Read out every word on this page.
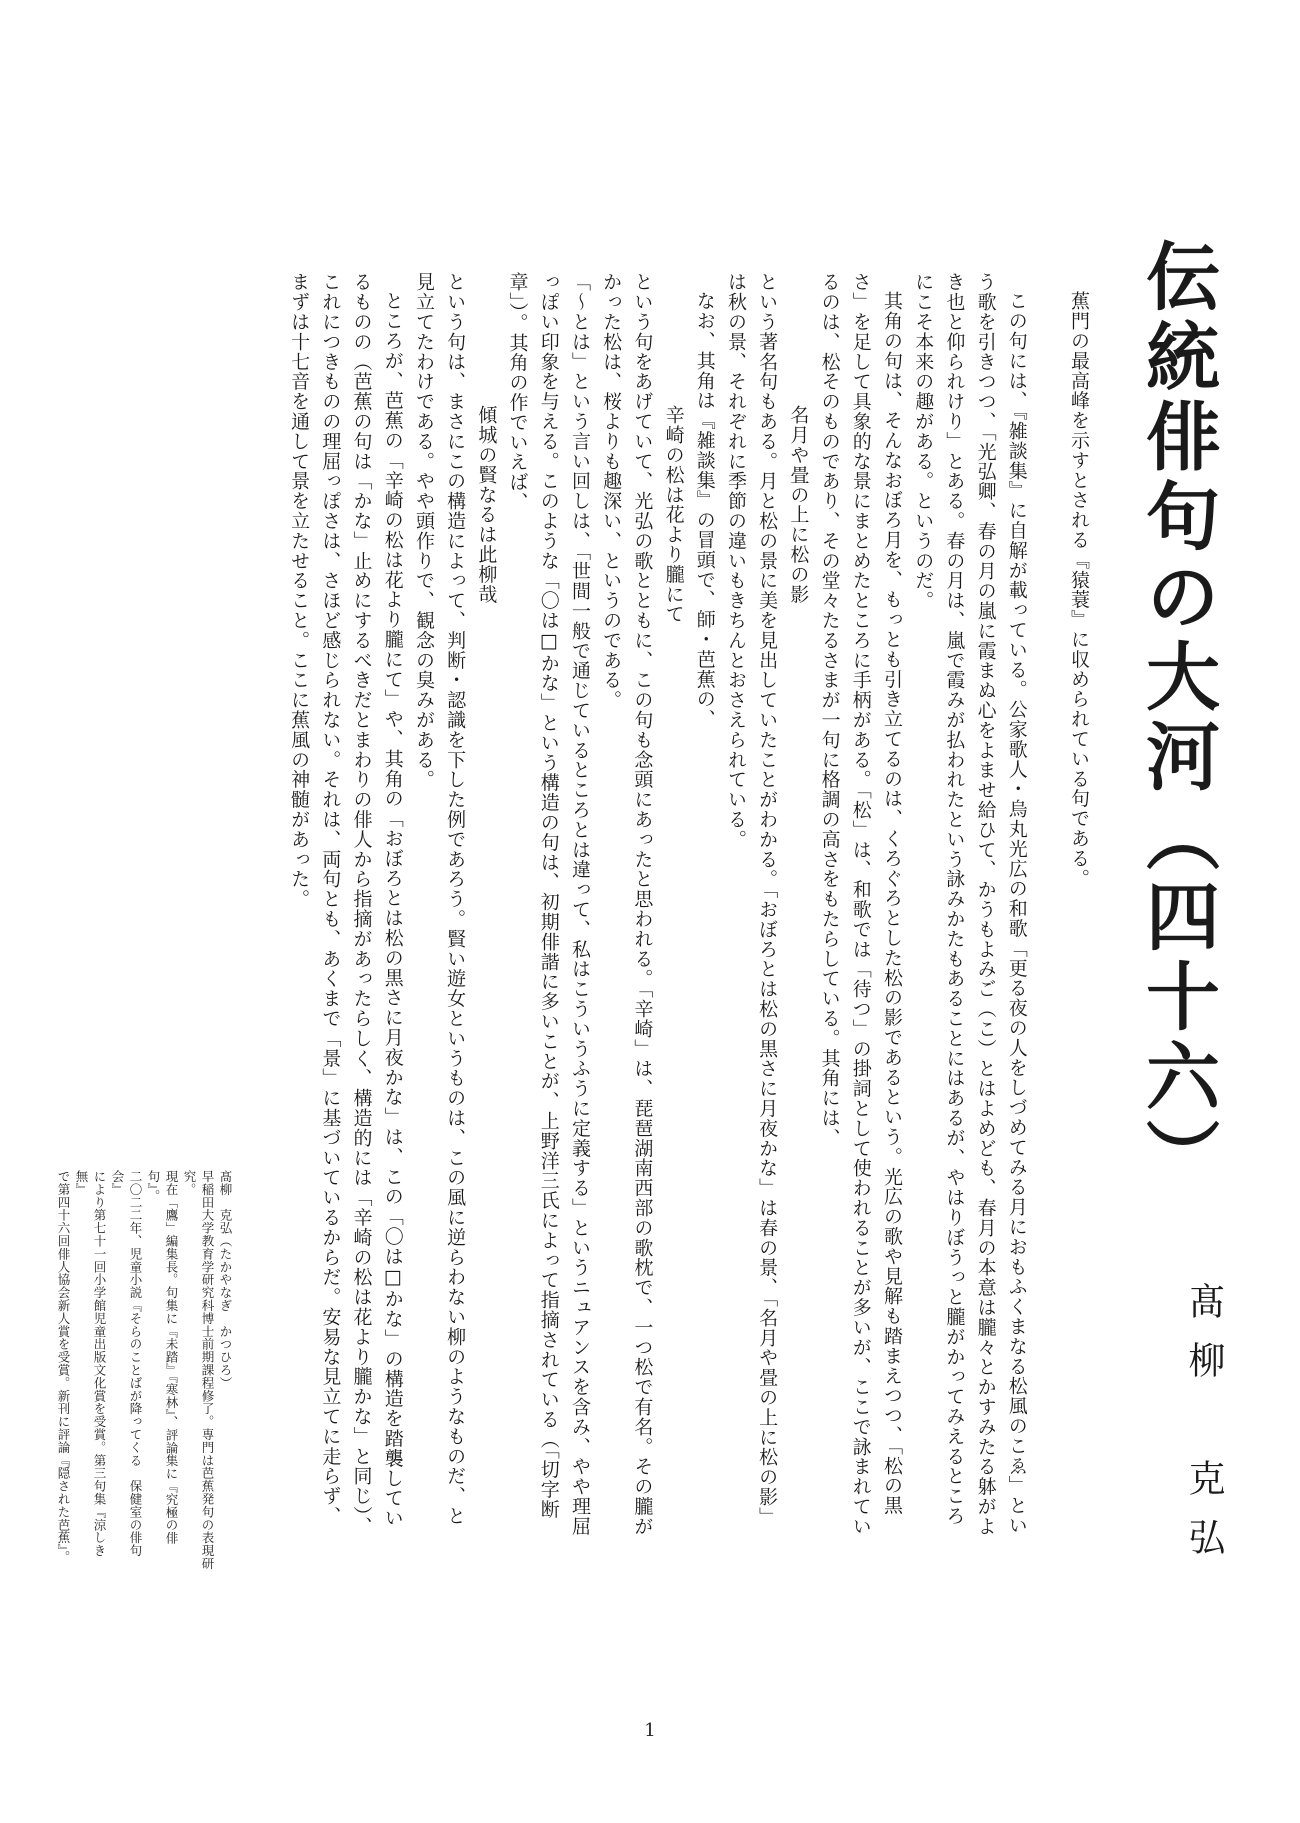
伝統俳句の大河（四十六）
髙柳　克弘

蕉門の最高峰を示すとされる『猿蓑』に収められている句である。

この句には、『雑談集』に自解が載っている。公家歌人・烏丸光広の和歌「更る夜の人をしづめてみる月におもふくまなる松風のこゑ」という歌を引きつつ、「光弘卿、春の月の嵐に霞まぬ心をよませ給ひて、かうもよみご（こ）とはよめども、春月の本意は朧々とかすみたる躰がよき也と仰られけり」とある。春の月は、嵐で霞みが払われたという詠みかたもあることにはあるが、やはりぼうっと朧がかってみえるところにこそ本来の趣がある。というのだ。

其角の句は、そんなおぼろ月を、もっとも引き立てるのは、くろぐろとした松の影であるという。光広の歌や見解も踏まえつつ、「松の黒さ」を足して具象的な景にまとめたところに手柄がある。「松」は、和歌では「待つ」の掛詞として使われることが多いが、ここで詠まれているのは、松そのものであり、その堂々たるさまが一句に格調の高さをもたらしている。其角には、

名月や畳の上に松の影

という著名句もある。月と松の景に美を見出していたことがわかる。「おぼろとは松の黒さに月夜かな」は春の景、「名月や畳の上に松の影」は秋の景、それぞれに季節の違いもきちんとおさえられている。

なお、其角は『雑談集』の冒頭で、師・芭蕉の、

辛崎の松は花より朧にて

という句をあげていて、光弘の歌とともに、この句も念頭にあったと思われる。「辛崎」は、琵琶湖南西部の歌枕で、一つ松で有名。その朧がかった松は、桜よりも趣深い、というのである。

「〜とは」という言い回しは、「世間一般で通じているところとは違って、私はこういうふうに定義する」というニュアンスを含み、やや理屈っぽい印象を与える。このような「〇は□かな」という構造の句は、初期俳諧に多いことが、上野洋三氏によって指摘されている（「切字断章」）。其角の作でいえば、

傾城の賢なるは此柳哉

という句は、まさにこの構造によって、判断・認識を下した例であろう。賢い遊女というものは、この風に逆らわない柳のようなものだ、と見立てたわけである。やや頭作りで、観念の臭みがある。

ところが、芭蕉の「辛崎の松は花より朧にて」や、其角の「おぼろとは松の黒さに月夜かな」は、この「〇は□かな」の構造を踏襲しているものの（芭蕉の句は「かな」止めにするべきだとまわりの俳人から指摘があったらしく、構造的には「辛崎の松は花より朧かな」と同じ）、これにつきものの理屈っぽさは、さほど感じられない。それは、両句とも、あくまで「景」に基づいているからだ。安易な見立てに走らず、まずは十七音を通して景を立たせること。ここに蕉風の神髄があった。

髙柳　克弘（たかやなぎ　かつひろ）

早稲田大学教育学研究科博士前期課程修了。専門は芭蕉発句の表現研究。

現在「鷹」編集長。句集に『未踏』『寒林』、評論集に『究極の俳句』。

二〇二二年、児童小説『そらのことばが降ってくる　保健室の俳句会』

により第七十一回小学館児童出版文化賞を受賞。第三句集『涼しき無』

で第四十六回俳人協会新人賞を受賞。新刊に評論『隠された芭蕉』。

1
